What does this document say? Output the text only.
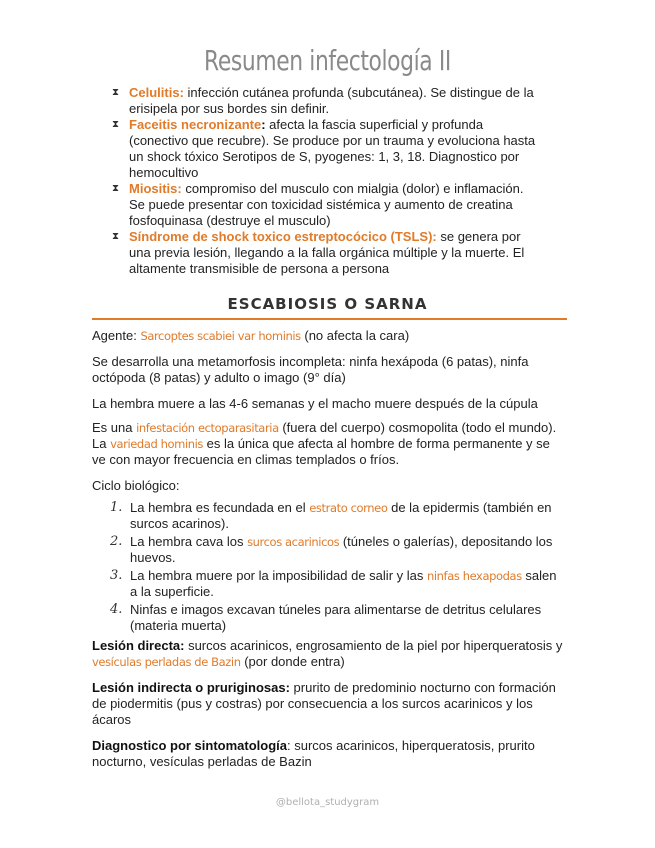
Resumen infectología II
⧗ Celulitis: infección cutánea profunda (subcutánea). Se distingue de la erisipela por sus bordes sin definir.
⧗ Faceitis necronizante: afecta la fascia superficial y profunda (conectivo que recubre). Se produce por un trauma y evoluciona hasta un shock tóxico Serotipos de S, pyogenes: 1, 3, 18. Diagnostico por hemocultivo
⧗ Miositis: compromiso del musculo con mialgia (dolor) e inflamación. Se puede presentar con toxicidad sistémica y aumento de creatina fosfoquinasa (destruye el musculo)
⧗ Síndrome de shock toxico estreptocócico (TSLS): se genera por una previa lesión, llegando a la falla orgánica múltiple y la muerte. El altamente transmisible de persona a persona
ESCABIOSIS O SARNA

Agente: Sarcoptes scabiei var hominis (no afecta la cara)

Se desarrolla una metamorfosis incompleta: ninfa hexápoda (6 patas), ninfa octópoda (8 patas) y adulto o imago (9° día)

La hembra muere a las 4-6 semanas y el macho muere después de la cúpula

Es una infestación ectoparasitaria (fuera del cuerpo) cosmopolita (todo el mundo). La variedad hominis es la única que afecta al hombre de forma permanente y se ve con mayor frecuencia en climas templados o fríos.

Ciclo biológico:

1. La hembra es fecundada en el estrato corneo de la epidermis (también en surcos acarinos).
2. La hembra cava los surcos acarinicos (túneles o galerías), depositando los huevos.
3. La hembra muere por la imposibilidad de salir y las ninfas hexapodas salen a la superficie.
4. Ninfas e imagos excavan túneles para alimentarse de detritus celulares (materia muerta)

Lesión directa: surcos acarinicos, engrosamiento de la piel por hiperqueratosis y vesículas perladas de Bazin (por donde entra)

Lesión indirecta o pruriginosas: prurito de predominio nocturno con formación de piodermitis (pus y costras) por consecuencia a los surcos acarinicos y los ácaros

Diagnostico por sintomatología: surcos acarinicos, hiperqueratosis, prurito nocturno, vesículas perladas de Bazin

@bellota_studygram
